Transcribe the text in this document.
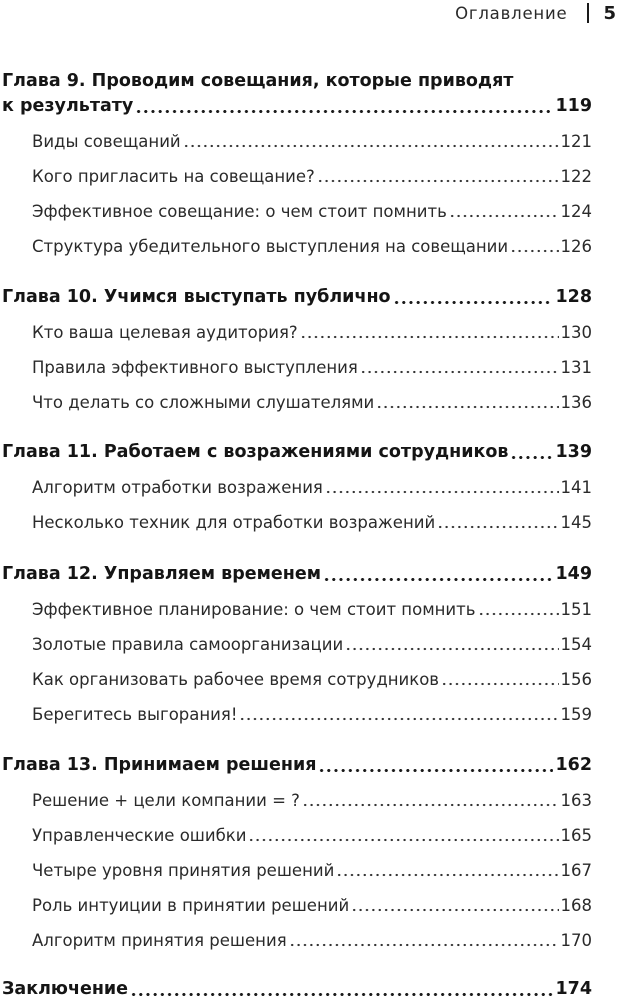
Оглавление 5
Глава 9. Проводим совещания, которые приводят
к результату	119
Виды совещаний	121
Кого пригласить на совещание?	122
Эффективное совещание: о чем стоит помнить	124
Структура убедительного выступления на совещании	126
Глава 10. Учимся выступать публично	128
Кто ваша целевая аудитория?	130
Правила эффективного выступления	131
Что делать со сложными слушателями	136
Глава 11. Работаем с возражениями сотрудников	139
Алгоритм отработки возражения	141
Несколько техник для отработки возражений	145
Глава 12. Управляем временем	149
Эффективное планирование: о чем стоит помнить	151
Золотые правила самоорганизации	154
Как организовать рабочее время сотрудников	156
Берегитесь выгорания!	159
Глава 13. Принимаем решения	162
Решение + цели компании = ?	163
Управленческие ошибки	165
Четыре уровня принятия решений	167
Роль интуиции в принятии решений	168
Алгоритм принятия решения	170
Заключение	174
